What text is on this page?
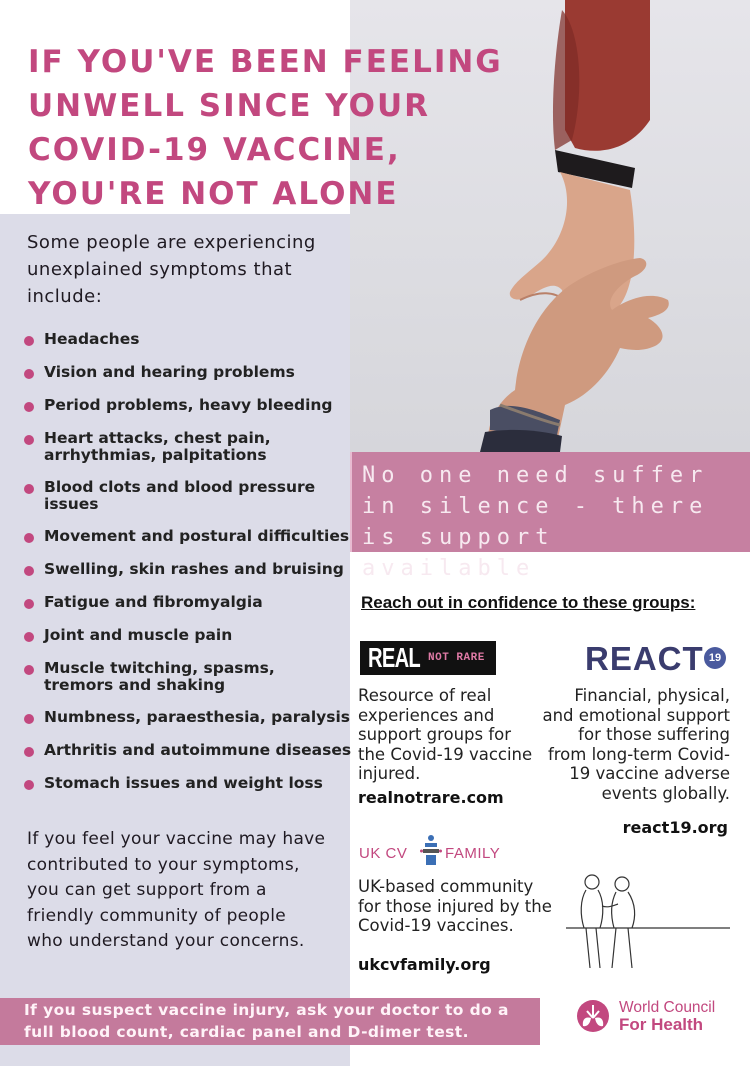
IF YOU'VE BEEN FEELING
UNWELL SINCE YOUR
COVID-19 VACCINE,
YOU'RE NOT ALONE
Some people are experiencing unexplained symptoms that include:
Headaches
Vision and hearing problems
Period problems, heavy bleeding
Heart attacks, chest pain, arrhythmias, palpitations
Blood clots and blood pressure issues
Movement and postural difficulties
Swelling, skin rashes and bruising
Fatigue and fibromyalgia
Joint and muscle pain
Muscle twitching, spasms, tremors and shaking
Numbness, paraesthesia, paralysis
Arthritis and autoimmune diseases
Stomach issues and weight loss
If you feel your vaccine may have contributed to your symptoms, you can get support from a friendly community of people who understand your concerns.
No one need suffer in silence - there is support available
Reach out in confidence to these groups:
REAL NOT RARE
Resource of real experiences and support groups for the Covid-19 vaccine injured.
realnotrare.com
REACT 19
Financial, physical, and emotional support for those suffering from long-term Covid-19 vaccine adverse events globally.
react19.org
UK CV	FAMILY
UK-based community for those injured by the Covid-19 vaccines.
ukcvfamily.org
If you suspect vaccine injury, ask your doctor to do a full blood count, cardiac panel and D-dimer test.
World Council
For Health
